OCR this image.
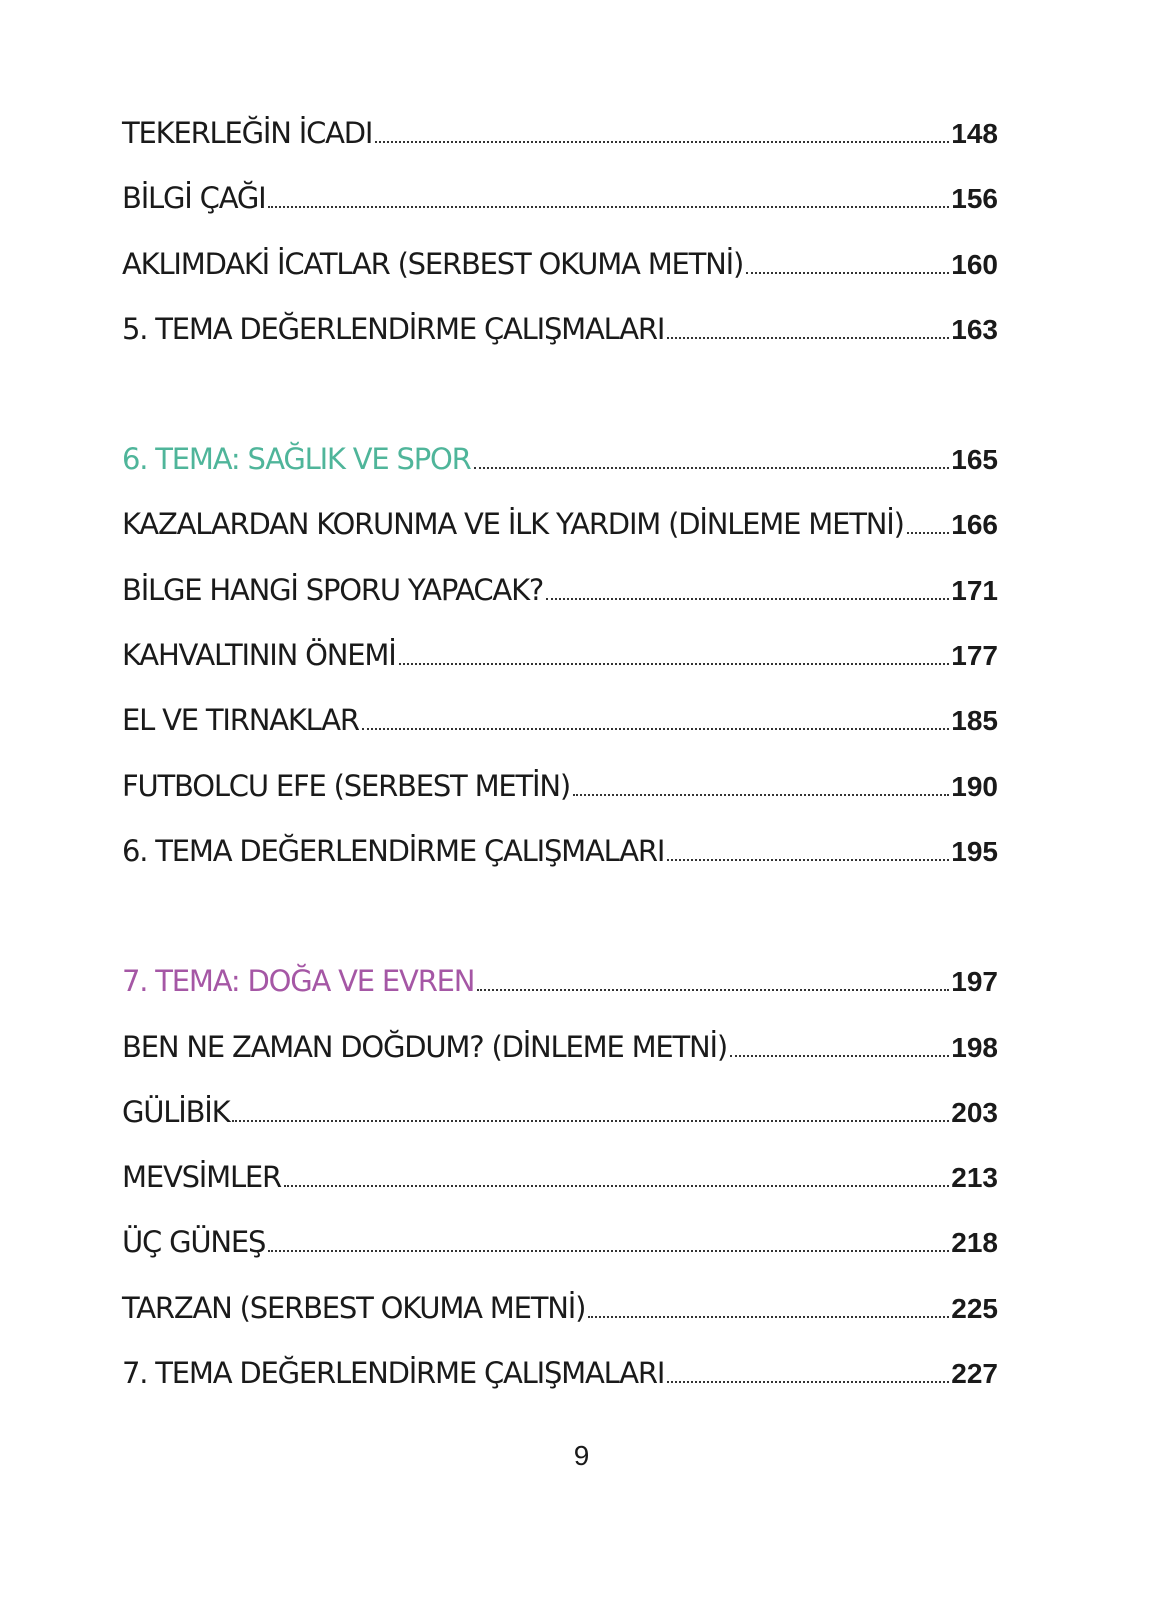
TEKERLEĞİN İCADI	148
BİLGİ ÇAĞI	156
AKLIMDAKİ İCATLAR (SERBEST OKUMA METNİ)	160
5. TEMA DEĞERLENDİRME ÇALIŞMALARI	163
6. TEMA: SAĞLIK VE SPOR	165
KAZALARDAN KORUNMA VE İLK YARDIM (DİNLEME METNİ) 166
BİLGE HANGİ SPORU YAPACAK?	171
KAHVALTININ ÖNEMİ	177
EL VE TIRNAKLAR	185
FUTBOLCU EFE (SERBEST METİN)	190
6. TEMA DEĞERLENDİRME ÇALIŞMALARI	195
7. TEMA: DOĞA VE EVREN	197
BEN NE ZAMAN DOĞDUM? (DİNLEME METNİ)	198
GÜLİBİK	203
MEVSİMLER	213
ÜÇ GÜNEŞ	218
TARZAN (SERBEST OKUMA METNİ)	225
7. TEMA DEĞERLENDİRME ÇALIŞMALARI	227
9
